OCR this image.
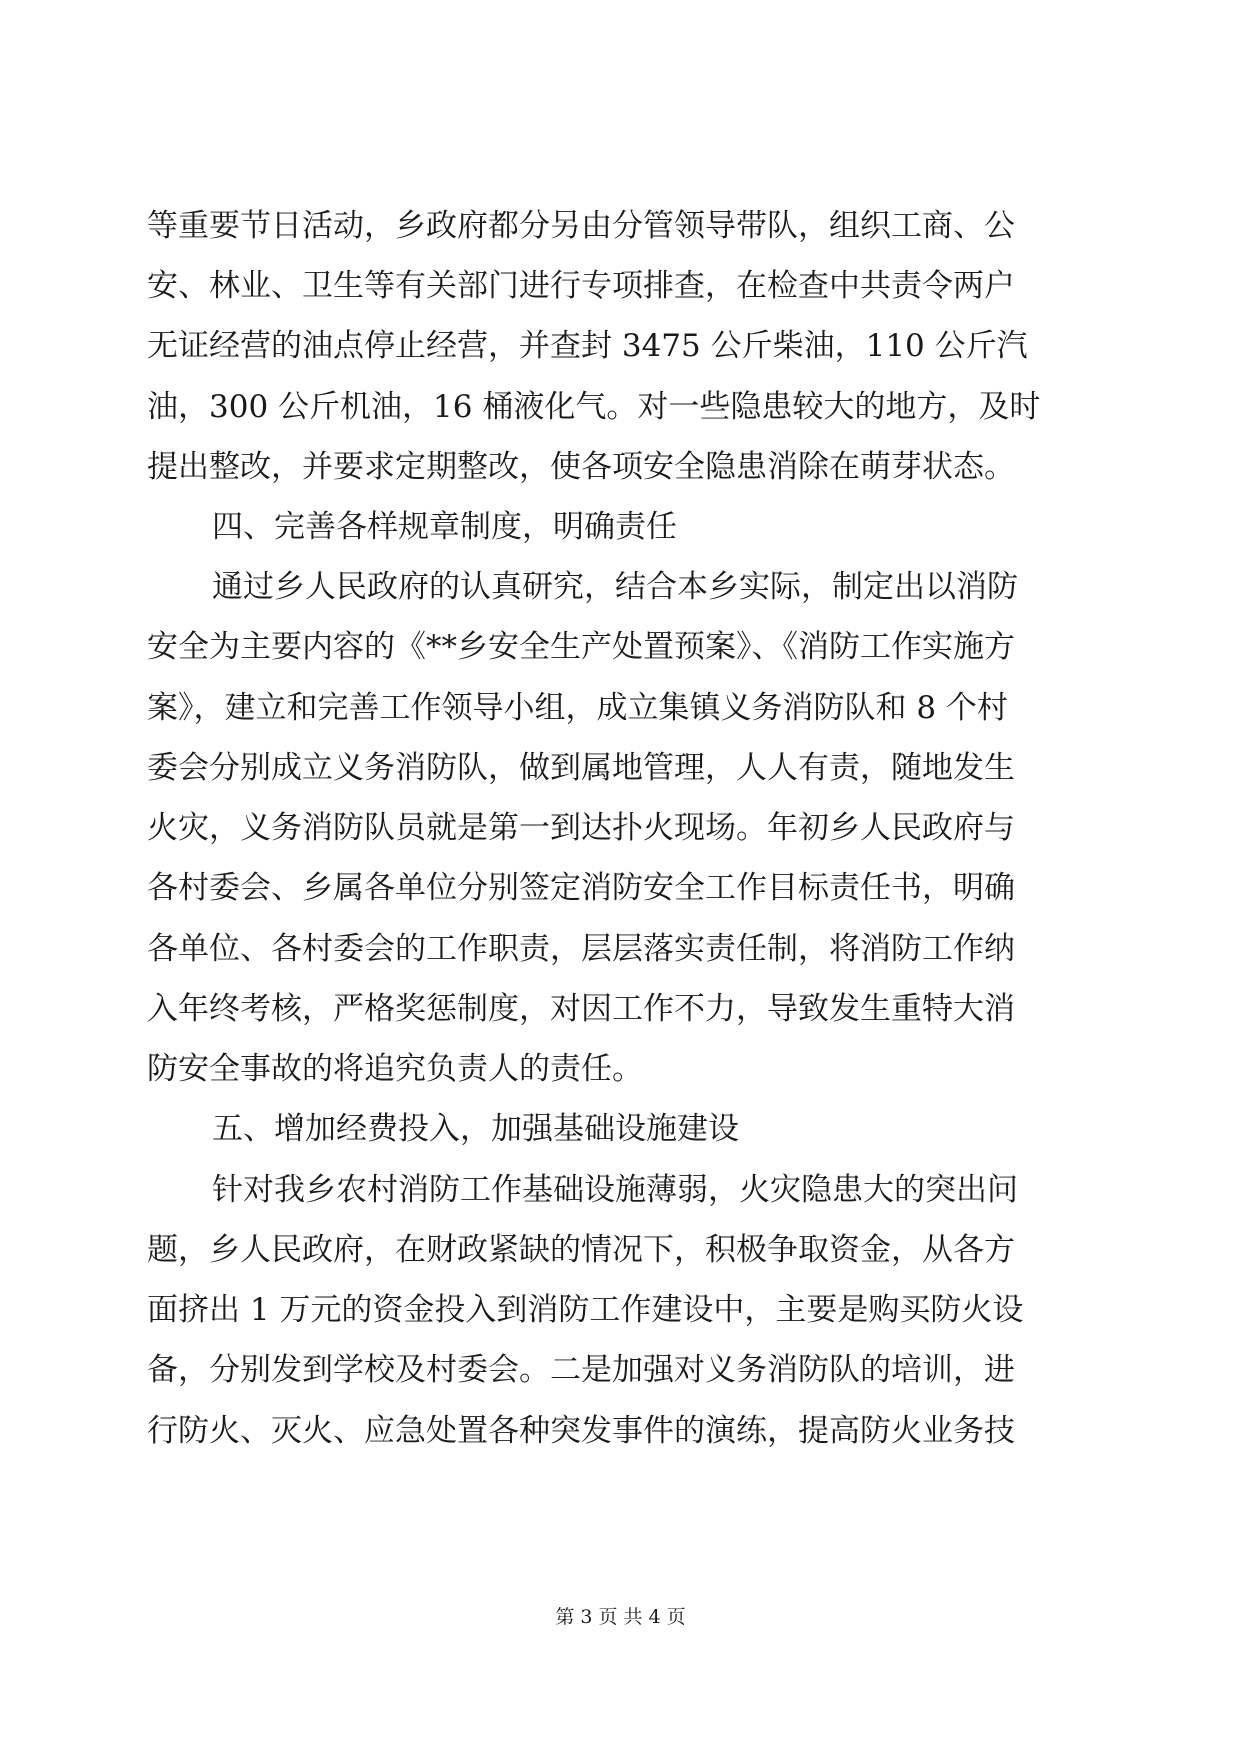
等重要节日活动，乡政府都分另由分管领导带队，组织工商、公

安、林业、卫生等有关部门进行专项排查，在检查中共责令两户

无证经营的油点停止经营，并查封 3475 公斤柴油，110 公斤汽

油，300 公斤机油，16 桶液化气。对一些隐患较大的地方，及时

提出整改，并要求定期整改，使各项安全隐患消除在萌芽状态。

四、完善各样规章制度，明确责任

通过乡人民政府的认真研究，结合本乡实际，制定出以消防

安全为主要内容的《**乡安全生产处置预案》、《消防工作实施方

案》，建立和完善工作领导小组，成立集镇义务消防队和 8 个村

委会分别成立义务消防队，做到属地管理，人人有责，随地发生

火灾，义务消防队员就是第一到达扑火现场。年初乡人民政府与

各村委会、乡属各单位分别签定消防安全工作目标责任书，明确

各单位、各村委会的工作职责，层层落实责任制，将消防工作纳

入年终考核，严格奖惩制度，对因工作不力，导致发生重特大消

防安全事故的将追究负责人的责任。

五、增加经费投入，加强基础设施建设

针对我乡农村消防工作基础设施薄弱，火灾隐患大的突出问

题，乡人民政府，在财政紧缺的情况下，积极争取资金，从各方

面挤出 1 万元的资金投入到消防工作建设中，主要是购买防火设

备，分别发到学校及村委会。二是加强对义务消防队的培训，进

行防火、灭火、应急处置各种突发事件的演练，提高防火业务技

第 3 页 共 4 页
